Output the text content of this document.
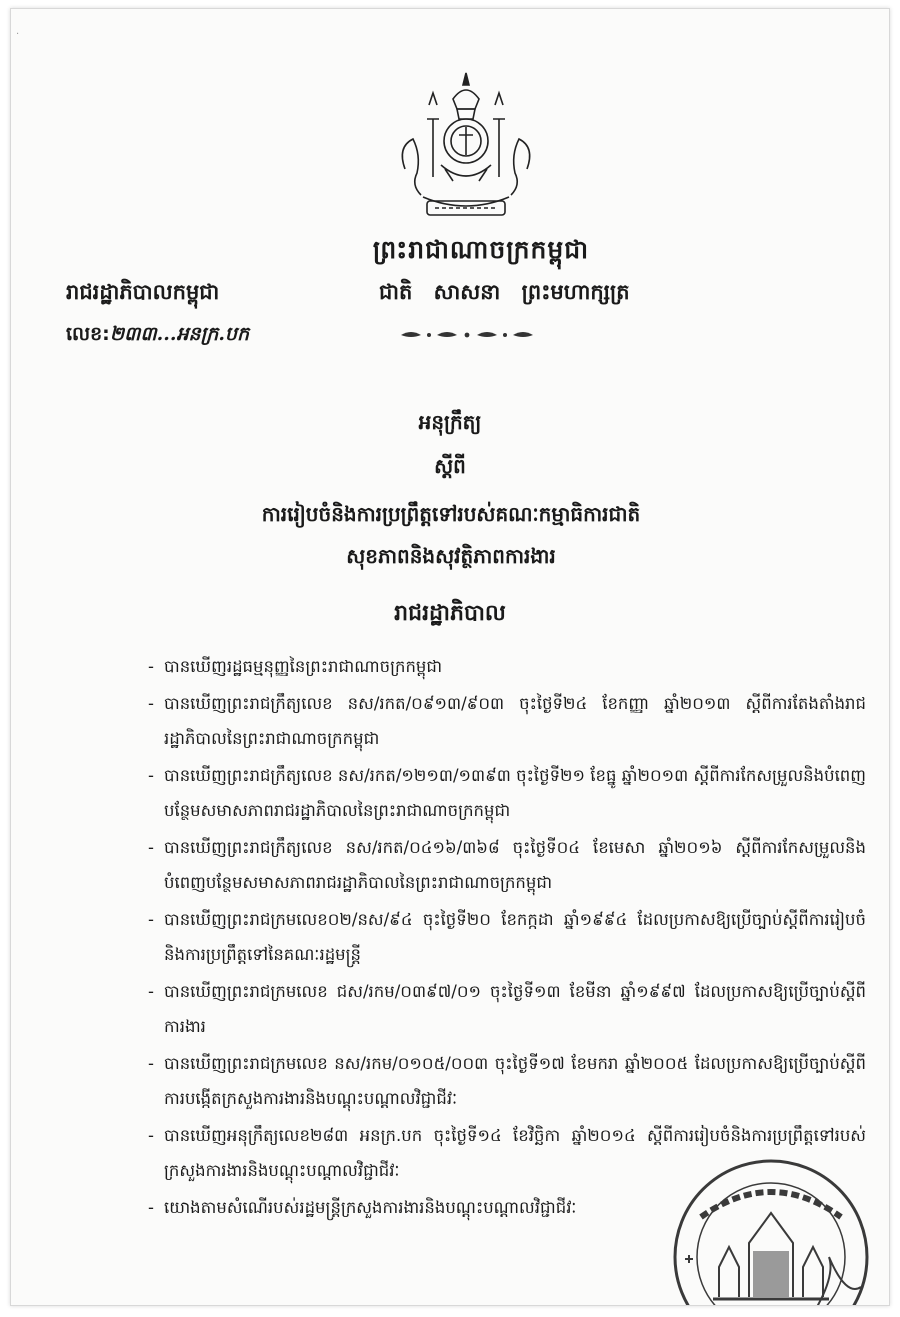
·
ព្រះរាជាណាចក្រកម្ពុជា
រាជរដ្ឋាភិបាលកម្ពុជា	ជាតិ សាសនា ព្រះមហាក្សត្រ
លេខ:២៣៣...អនក្រ.បក
អនុក្រឹត្យ
ស្តីពី
ការរៀបចំនិងការប្រព្រឹត្តទៅរបស់គណៈកម្មាធិការជាតិ
សុខភាពនិងសុវត្ថិភាពការងារ
រាជរដ្ឋាភិបាល
- បានឃើញរដ្ឋធម្មនុញ្ញនៃព្រះរាជាណាចក្រកម្ពុជា
- បានឃើញព្រះរាជក្រឹត្យលេខ នស/រកត/០៩១៣/៩០៣ ចុះថ្ងៃទី២៤ ខែកញ្ញា ឆ្នាំ២០១៣ ស្តីពីការតែងតាំងរាជរដ្ឋាភិបាលនៃព្រះរាជាណាចក្រកម្ពុជា
- បានឃើញព្រះរាជក្រឹត្យលេខ នស/រកត/១២១៣/១៣៩៣ ចុះថ្ងៃទី២១ ខែធ្នូ ឆ្នាំ២០១៣ ស្តីពីការកែសម្រួលនិងបំពេញបន្ថែមសមាសភាពរាជរដ្ឋាភិបាលនៃព្រះរាជាណាចក្រកម្ពុជា
- បានឃើញព្រះរាជក្រឹត្យលេខ នស/រកត/០៤១៦/៣៦៨ ចុះថ្ងៃទី០៤ ខែមេសា ឆ្នាំ២០១៦ ស្តីពីការកែសម្រួលនិងបំពេញបន្ថែមសមាសភាពរាជរដ្ឋាភិបាលនៃព្រះរាជាណាចក្រកម្ពុជា
- បានឃើញព្រះរាជក្រមលេខ០២/នស/៩៤ ចុះថ្ងៃទី២០ ខែកក្កដា ឆ្នាំ១៩៩៤ ដែលប្រកាសឱ្យប្រើច្បាប់ស្តីពីការរៀបចំនិងការប្រព្រឹត្តទៅនៃគណៈរដ្ឋមន្ត្រី
- បានឃើញព្រះរាជក្រមលេខ ជស/រកម/០៣៩៧/០១ ចុះថ្ងៃទី១៣ ខែមីនា ឆ្នាំ១៩៩៧ ដែលប្រកាសឱ្យប្រើច្បាប់ស្តីពីការងារ
- បានឃើញព្រះរាជក្រមលេខ នស/រកម/០១០៥/០០៣ ចុះថ្ងៃទី១៧ ខែមករា ឆ្នាំ២០០៥ ដែលប្រកាសឱ្យប្រើច្បាប់ស្តីពីការបង្កើតក្រសួងការងារនិងបណ្តុះបណ្តាលវិជ្ជាជីវៈ
- បានឃើញអនុក្រឹត្យលេខ២៨៣ អនក្រ.បក ចុះថ្ងៃទី១៤ ខែវិច្ឆិកា ឆ្នាំ២០១៤ ស្តីពីការរៀបចំនិងការប្រព្រឹត្តទៅរបស់ក្រសួងការងារនិងបណ្តុះបណ្តាលវិជ្ជាជីវៈ
- យោងតាមសំណើរបស់រដ្ឋមន្ត្រីក្រសួងការងារនិងបណ្តុះបណ្តាលវិជ្ជាជីវៈ
